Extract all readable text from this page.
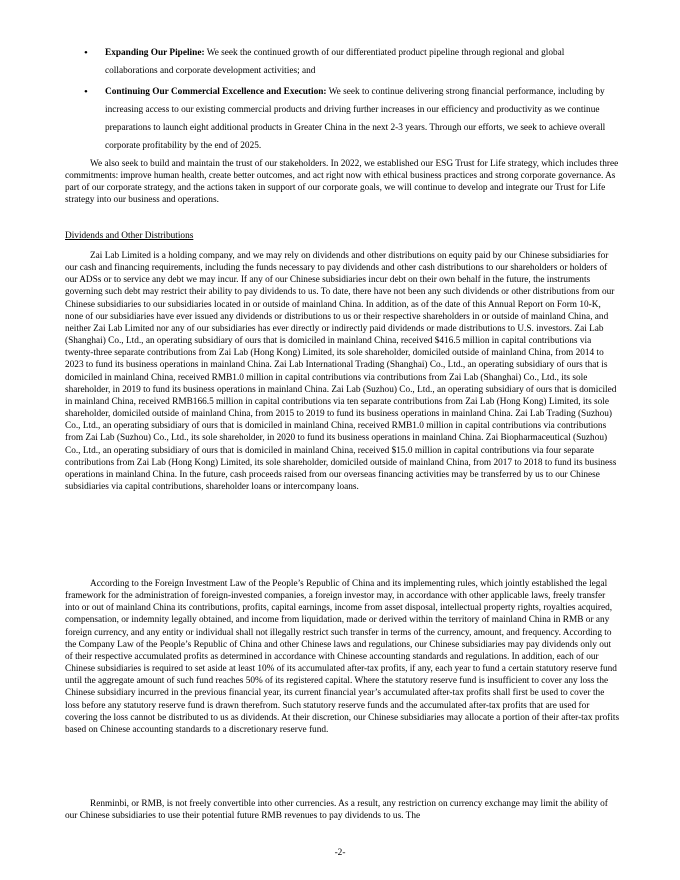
• Expanding Our Pipeline: We seek the continued growth of our differentiated product pipeline through regional and global collaborations and corporate development activities; and
• Continuing Our Commercial Excellence and Execution: We seek to continue delivering strong financial performance, including by increasing access to our existing commercial products and driving further increases in our efficiency and productivity as we continue preparations to launch eight additional products in Greater China in the next 2-3 years. Through our efforts, we seek to achieve overall corporate profitability by the end of 2025.

We also seek to build and maintain the trust of our stakeholders. In 2022, we established our ESG Trust for Life strategy, which includes three commitments: improve human health, create better outcomes, and act right now with ethical business practices and strong corporate governance. As part of our corporate strategy, and the actions taken in support of our corporate goals, we will continue to develop and integrate our Trust for Life strategy into our business and operations.

Dividends and Other Distributions

Zai Lab Limited is a holding company, and we may rely on dividends and other distributions on equity paid by our Chinese subsidiaries for our cash and financing requirements, including the funds necessary to pay dividends and other cash distributions to our shareholders or holders of our ADSs or to service any debt we may incur. If any of our Chinese subsidiaries incur debt on their own behalf in the future, the instruments governing such debt may restrict their ability to pay dividends to us. To date, there have not been any such dividends or other distributions from our Chinese subsidiaries to our subsidiaries located in or outside of mainland China. In addition, as of the date of this Annual Report on Form 10-K, none of our subsidiaries have ever issued any dividends or distributions to us or their respective shareholders in or outside of mainland China, and neither Zai Lab Limited nor any of our subsidiaries has ever directly or indirectly paid dividends or made distributions to U.S. investors. Zai Lab (Shanghai) Co., Ltd., an operating subsidiary of ours that is domiciled in mainland China, received $416.5 million in capital contributions via twenty-three separate contributions from Zai Lab (Hong Kong) Limited, its sole shareholder, domiciled outside of mainland China, from 2014 to 2023 to fund its business operations in mainland China. Zai Lab International Trading (Shanghai) Co., Ltd., an operating subsidiary of ours that is domiciled in mainland China, received RMB1.0 million in capital contributions via contributions from Zai Lab (Shanghai) Co., Ltd., its sole shareholder, in 2019 to fund its business operations in mainland China. Zai Lab (Suzhou) Co., Ltd., an operating subsidiary of ours that is domiciled in mainland China, received RMB166.5 million in capital contributions via ten separate contributions from Zai Lab (Hong Kong) Limited, its sole shareholder, domiciled outside of mainland China, from 2015 to 2019 to fund its business operations in mainland China. Zai Lab Trading (Suzhou) Co., Ltd., an operating subsidiary of ours that is domiciled in mainland China, received RMB1.0 million in capital contributions via contributions from Zai Lab (Suzhou) Co., Ltd., its sole shareholder, in 2020 to fund its business operations in mainland China. Zai Biopharmaceutical (Suzhou) Co., Ltd., an operating subsidiary of ours that is domiciled in mainland China, received $15.0 million in capital contributions via four separate contributions from Zai Lab (Hong Kong) Limited, its sole shareholder, domiciled outside of mainland China, from 2017 to 2018 to fund its business operations in mainland China. In the future, cash proceeds raised from our overseas financing activities may be transferred by us to our Chinese subsidiaries via capital contributions, shareholder loans or intercompany loans.

According to the Foreign Investment Law of the People’s Republic of China and its implementing rules, which jointly established the legal framework for the administration of foreign-invested companies, a foreign investor may, in accordance with other applicable laws, freely transfer into or out of mainland China its contributions, profits, capital earnings, income from asset disposal, intellectual property rights, royalties acquired, compensation, or indemnity legally obtained, and income from liquidation, made or derived within the territory of mainland China in RMB or any foreign currency, and any entity or individual shall not illegally restrict such transfer in terms of the currency, amount, and frequency. According to the Company Law of the People’s Republic of China and other Chinese laws and regulations, our Chinese subsidiaries may pay dividends only out of their respective accumulated profits as determined in accordance with Chinese accounting standards and regulations. In addition, each of our Chinese subsidiaries is required to set aside at least 10% of its accumulated after-tax profits, if any, each year to fund a certain statutory reserve fund until the aggregate amount of such fund reaches 50% of its registered capital. Where the statutory reserve fund is insufficient to cover any loss the Chinese subsidiary incurred in the previous financial year, its current financial year’s accumulated after-tax profits shall first be used to cover the loss before any statutory reserve fund is drawn therefrom. Such statutory reserve funds and the accumulated after-tax profits that are used for covering the loss cannot be distributed to us as dividends. At their discretion, our Chinese subsidiaries may allocate a portion of their after-tax profits based on Chinese accounting standards to a discretionary reserve fund.

Renminbi, or RMB, is not freely convertible into other currencies. As a result, any restriction on currency exchange may limit the ability of our Chinese subsidiaries to use their potential future RMB revenues to pay dividends to us. The

-2-
